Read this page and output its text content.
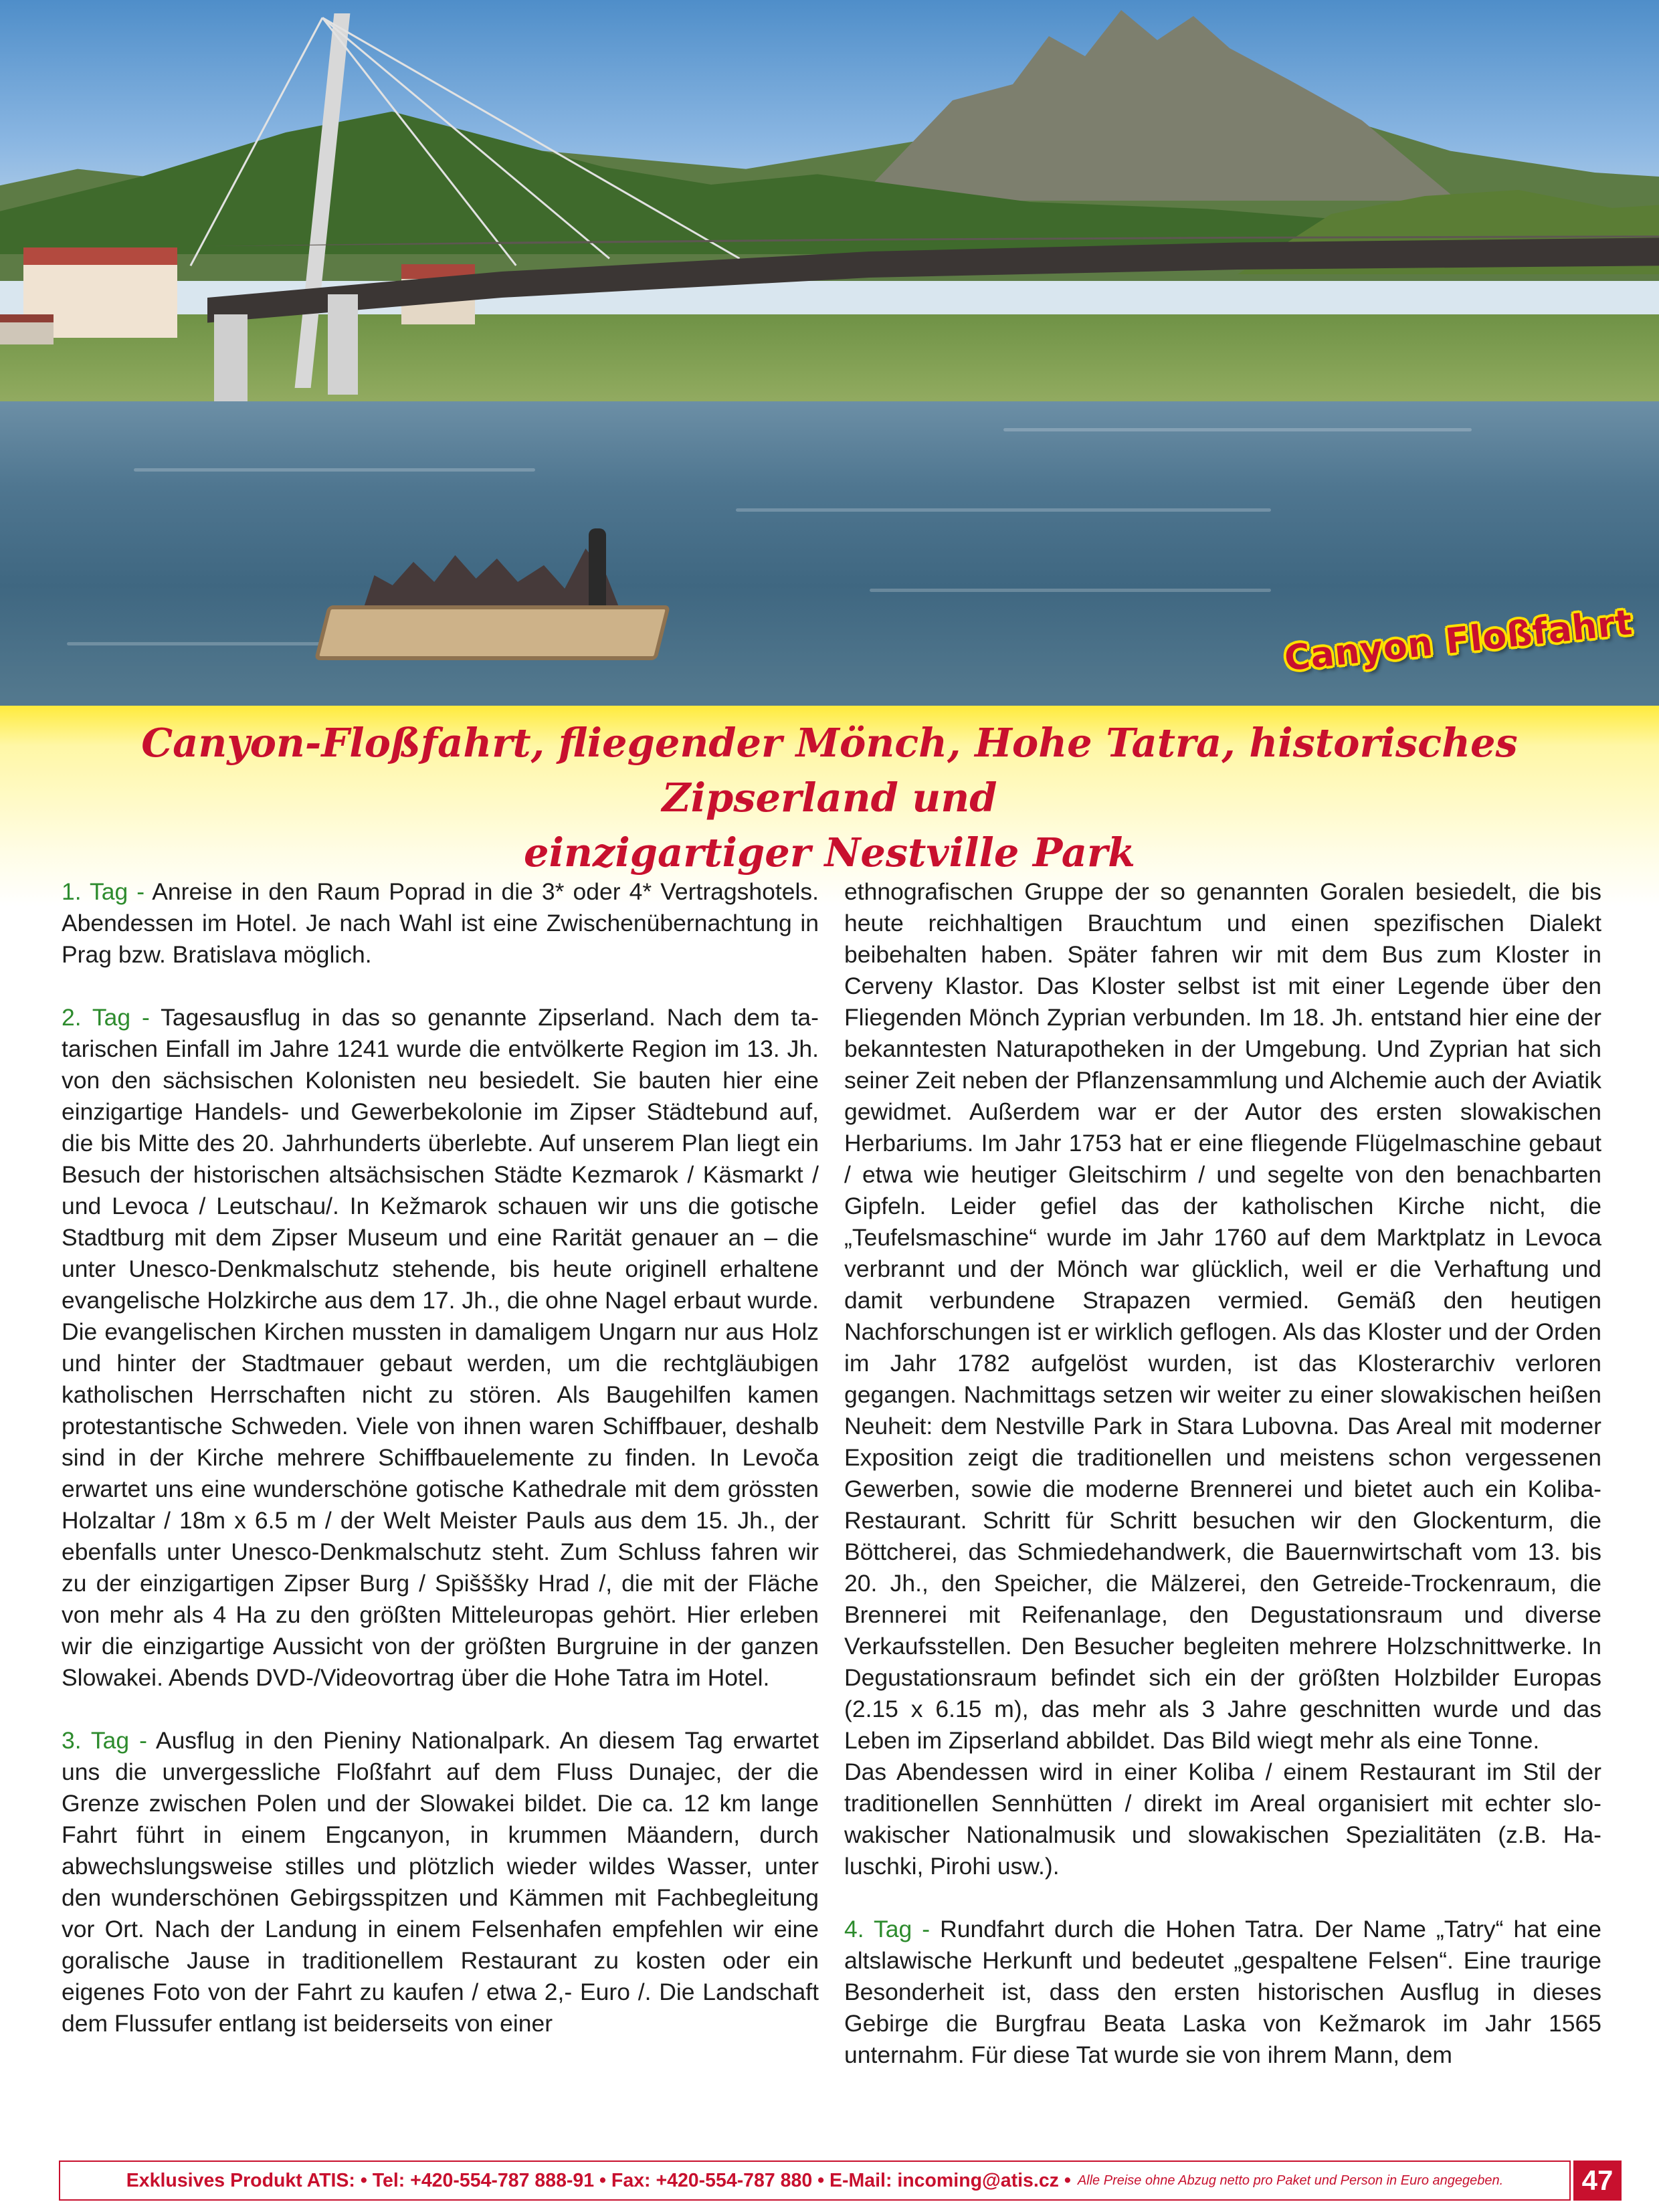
Canyon Floßfahrt
Canyon-Floßfahrt, fliegender Mönch, Hohe Tatra, historisches Zipserland und
einzigartiger Nestville Park

1. Tag - Anreise in den Raum Poprad in die 3* oder 4* Vertragshotels. Abendessen im Hotel. Je nach Wahl ist eine Zwischenübernachtung in Prag bzw. Bratislava möglich.

2. Tag - Tagesausflug in das so genannte Zipserland. Nach dem tatarischen Einfall im Jahre 1241 wurde die entvölkerte Region im 13. Jh. von den sächsischen Kolonisten neu besiedelt. Sie bauten hier eine einzigartige Handels- und Gewerbekolonie im Zipser Städtebund auf, die bis Mitte des 20. Jahrhunderts überlebte. Auf unserem Plan liegt ein Besuch der historischen altsächsischen Städte Kezmarok / Käsmarkt / und Levoca / Leutschau/. In Kežmarok schauen wir uns die gotische Stadtburg mit dem Zipser Museum und eine Rarität genauer an – die unter Unesco-Denkmalschutz stehende, bis heute originell erhaltene evangelische Holzkirche aus dem 17. Jh., die ohne Nagel erbaut wurde. Die evangelischen Kirchen mussten in damaligem Ungarn nur aus Holz und hinter der Stadtmauer gebaut werden, um die rechtgläubigen katholischen Herrschaften nicht zu stören. Als Baugehilfen kamen protestantische Schweden. Viele von ihnen waren Schiffbauer, deshalb sind in der Kirche mehrere Schiffbauelemente zu finden. In Levoča erwartet uns eine wunderschöne gotische Kathedrale mit dem grössten Holzaltar / 18m x 6.5 m / der Welt Meister Pauls aus dem 15. Jh., der ebenfalls unter Unesco-Denkmalschutz steht. Zum Schluss fahren wir zu der einzigartigen Zipser Burg / Spišššky Hrad /, die mit der Fläche von mehr als 4 Ha zu den größten Mitteleuropas gehört. Hier erleben wir die einzigartige Aussicht von der größten Burgruine in der ganzen Slowakei. Abends DVD-/Videovortrag über die Hohe Tatra im Hotel.

3. Tag - Ausflug in den Pieniny Nationalpark. An diesem Tag erwartet uns die unvergessliche Floßfahrt auf dem Fluss Dunajec, der die Grenze zwischen Polen und der Slowakei bildet. Die ca. 12 km lange Fahrt führt in einem Engcanyon, in krummen Mäandern, durch abwechslungsweise stilles und plötzlich wieder wildes Wasser, unter den wunderschönen Gebirgsspitzen und Kämmen mit Fachbegleitung vor Ort. Nach der Landung in einem Felsenhafen empfehlen wir eine goralische Jause in traditionellem Restaurant zu kosten oder ein eigenes Foto von der Fahrt zu kaufen / etwa 2,- Euro /. Die Landschaft dem Flussufer entlang ist beiderseits von einer

ethnografischen Gruppe der so genannten Goralen besiedelt, die bis heute reichhaltigen Brauchtum und einen spezifischen Dialekt beibehalten haben. Später fahren wir mit dem Bus zum Kloster in Cerveny Klastor. Das Kloster selbst ist mit einer Legende über den Fliegenden Mönch Zyprian verbunden. Im 18. Jh. entstand hier eine der bekanntesten Naturapotheken in der Umgebung. Und Zyprian hat sich seiner Zeit neben der Pflanzensammlung und Alchemie auch der Aviatik gewidmet. Außerdem war er der Autor des ersten slowakischen Herbariums. Im Jahr 1753 hat er eine fliegende Flügelmaschine gebaut / etwa wie heutiger Gleitschirm / und segelte von den benachbarten Gipfeln. Leider gefiel das der katholischen Kirche nicht, die „Teufelsmaschine“ wurde im Jahr 1760 auf dem Marktplatz in Levoca verbrannt und der Mönch war glücklich, weil er die Verhaftung und damit verbundene Strapazen vermied. Gemäß den heutigen Nachforschungen ist er wirklich geflogen. Als das Kloster und der Orden im Jahr 1782 aufgelöst wurden, ist das Klosterarchiv verloren gegangen. Nachmittags setzen wir weiter zu einer slowakischen heißen Neuheit: dem Nestville Park in Stara Lubovna. Das Areal mit moderner Exposition zeigt die traditionellen und meistens schon vergessenen Gewerben, sowie die moderne Brennerei und bietet auch ein Koliba-Restaurant. Schritt für Schritt besuchen wir den Glockenturm, die Böttcherei, das Schmiedehandwerk, die Bauernwirtschaft vom 13. bis 20. Jh., den Speicher, die Mälzerei, den Getreide-Trockenraum, die Brennerei mit Reifenanlage, den Degustationsraum und diverse Verkaufsstellen. Den Besucher begleiten mehrere Holzschnittwerke. In Degustationsraum befindet sich ein der größten Holzbilder Europas (2.15 x 6.15 m), das mehr als 3 Jahre geschnitten wurde und das Leben im Zipserland abbildet. Das Bild wiegt mehr als eine Tonne.

Das Abendessen wird in einer Koliba / einem Restaurant im Stil der traditionellen Sennhütten / direkt im Areal organisiert mit echter slowakischer Nationalmusik und slowakischen Spezialitäten (z.B. Haluschki, Pirohi usw.).

4. Tag - Rundfahrt durch die Hohen Tatra. Der Name „Tatry“ hat eine altslawische Herkunft und bedeutet „gespaltene Felsen“. Eine traurige Besonderheit ist, dass den ersten historischen Ausflug in dieses Gebirge die Burgfrau Beata Laska von Kežmarok im Jahr 1565 unternahm. Für diese Tat wurde sie von ihrem Mann, dem

Exklusives Produkt ATIS: • Tel: +420-554-787 888-91 • Fax: +420-554-787 880 • E-Mail: incoming@atis.cz • Alle Preise ohne Abzug netto pro Paket und Person in Euro angegeben.	47
